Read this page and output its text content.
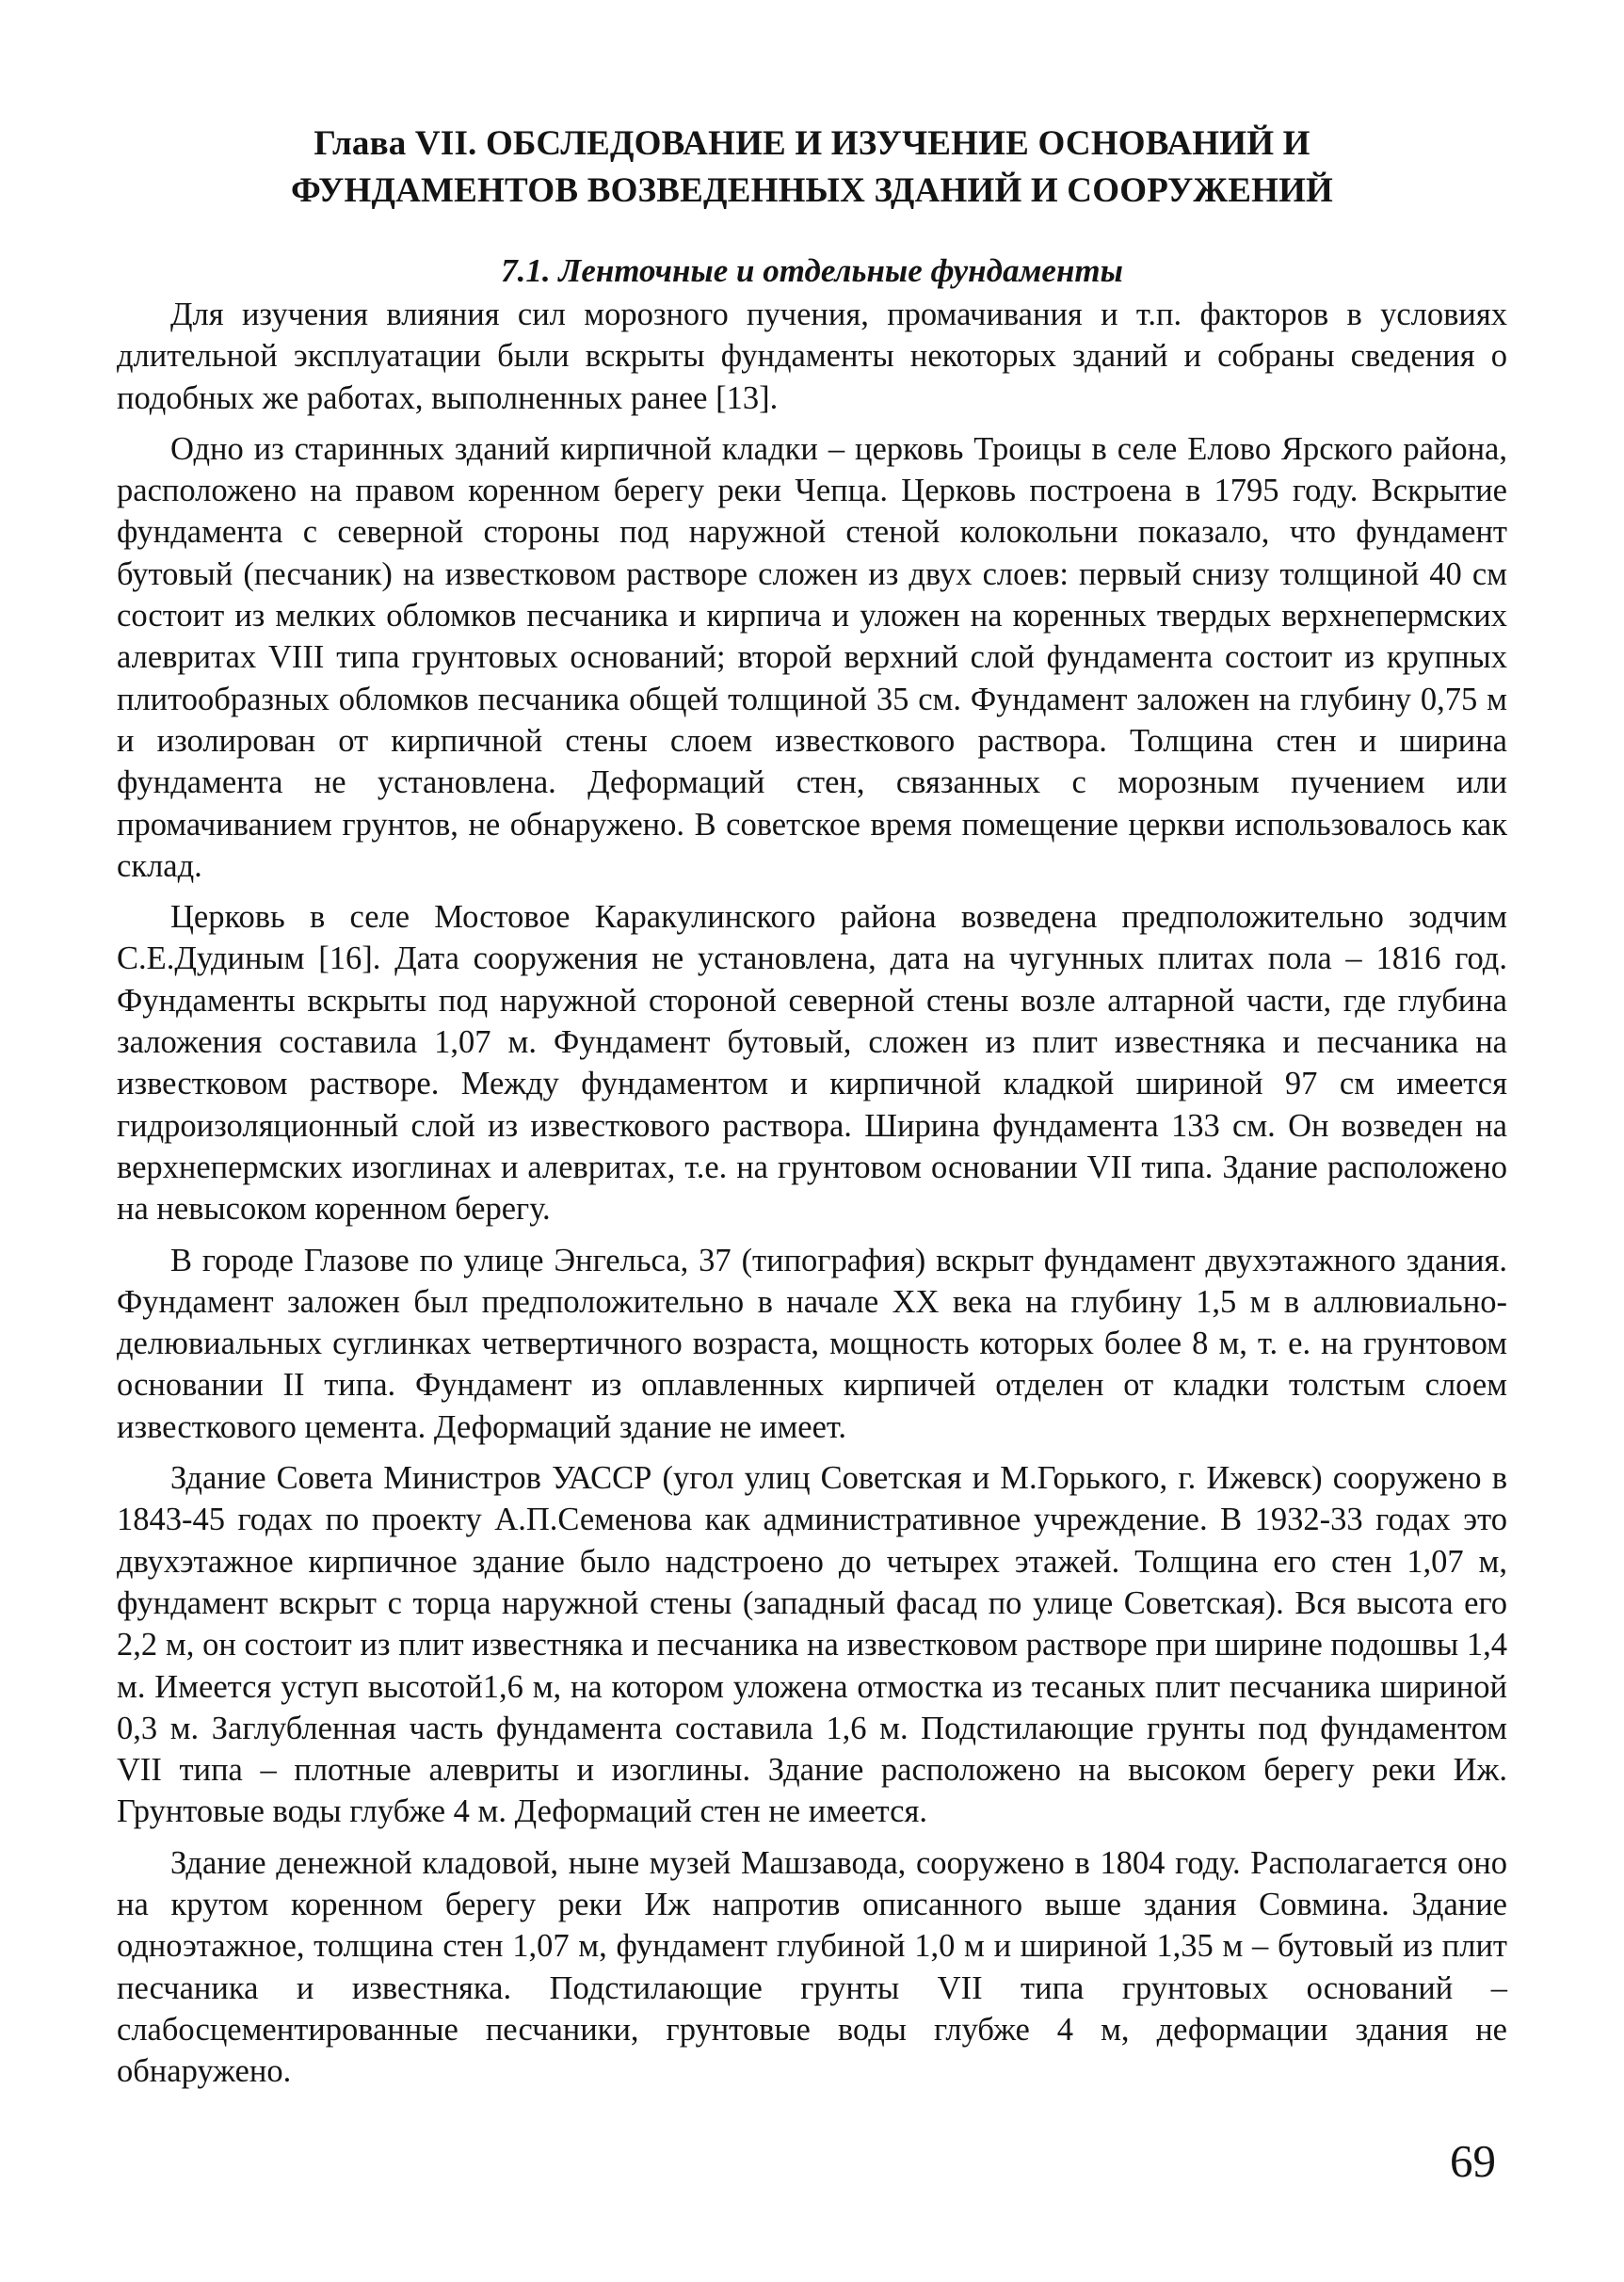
Глава VII. ОБСЛЕДОВАНИЕ И ИЗУЧЕНИЕ ОСНОВАНИЙ И
ФУНДАМЕНТОВ ВОЗВЕДЕННЫХ ЗДАНИЙ И СООРУЖЕНИЙ
7.1. Ленточные и отдельные фундаменты

Для изучения влияния сил морозного пучения, промачивания и т.п. факторов в условиях длительной эксплуатации были вскрыты фундаменты некоторых зданий и собраны сведения о подобных же работах, выполненных ранее [13].

Одно из старинных зданий кирпичной кладки – церковь Троицы в селе Елово Ярского района, расположено на правом коренном берегу реки Чепца. Церковь построена в 1795 году. Вскрытие фундамента с северной стороны под наружной стеной колокольни показало, что фундамент бутовый (песчаник) на известковом растворе сложен из двух слоев: первый снизу толщиной 40 см состоит из мелких обломков песчаника и кирпича и уложен на коренных твердых верхнепермских алевритах VIII типа грунтовых оснований; второй верхний слой фундамента состоит из крупных плитообразных обломков песчаника общей толщиной 35 см. Фундамент заложен на глубину 0,75 м и изолирован от кирпичной стены слоем известкового раствора. Толщина стен и ширина фундамента не установлена. Деформаций стен, связанных с морозным пучением или промачиванием грунтов, не обнаружено. В советское время помещение церкви использовалось как склад.

Церковь в селе Мостовое Каракулинского района возведена предположительно зодчим С.Е.Дудиным [16]. Дата сооружения не установлена, дата на чугунных плитах пола – 1816 год. Фундаменты вскрыты под наружной стороной северной стены возле алтарной части, где глубина заложения составила 1,07 м. Фундамент бутовый, сложен из плит известняка и песчаника на известковом растворе. Между фундаментом и кирпичной кладкой шириной 97 см имеется гидроизоляционный слой из известкового раствора. Ширина фундамента 133 см. Он возведен на верхнепермских изоглинах и алевритах, т.е. на грунтовом основании VII типа. Здание расположено на невысоком коренном берегу.

В городе Глазове по улице Энгельса, 37 (типография) вскрыт фундамент двухэтажного здания. Фундамент заложен был предположительно в начале XX века на глубину 1,5 м в аллювиально-делювиальных суглинках четвертичного возраста, мощность которых более 8 м, т. е. на грунтовом основании II типа. Фундамент из оплавленных кирпичей отделен от кладки толстым слоем известкового цемента. Деформаций здание не имеет.

Здание Совета Министров УАССР (угол улиц Советская и М.Горького, г. Ижевск) сооружено в 1843-45 годах по проекту А.П.Семенова как административное учреждение. В 1932-33 годах это двухэтажное кирпичное здание было надстроено до четырех этажей. Толщина его стен 1,07 м, фундамент вскрыт с торца наружной стены (западный фасад по улице Советская). Вся высота его 2,2 м, он состоит из плит известняка и песчаника на известковом растворе при ширине подошвы 1,4 м. Имеется уступ высотой1,6 м, на котором уложена отмостка из тесаных плит песчаника шириной 0,3 м. Заглубленная часть фундамента составила 1,6 м. Подстилающие грунты под фундаментом VII типа – плотные алевриты и изоглины. Здание расположено на высоком берегу реки Иж. Грунтовые воды глубже 4 м. Деформаций стен не имеется.

Здание денежной кладовой, ныне музей Машзавода, сооружено в 1804 году. Располагается оно на крутом коренном берегу реки Иж напротив описанного выше здания Совмина. Здание одноэтажное, толщина стен 1,07 м, фундамент глубиной 1,0 м и шириной 1,35 м – бутовый из плит песчаника и известняка. Подстилающие грунты VII типа грунтовых оснований – слабосцементированные песчаники, грунтовые воды глубже 4 м, деформации здания не обнаружено.

69
